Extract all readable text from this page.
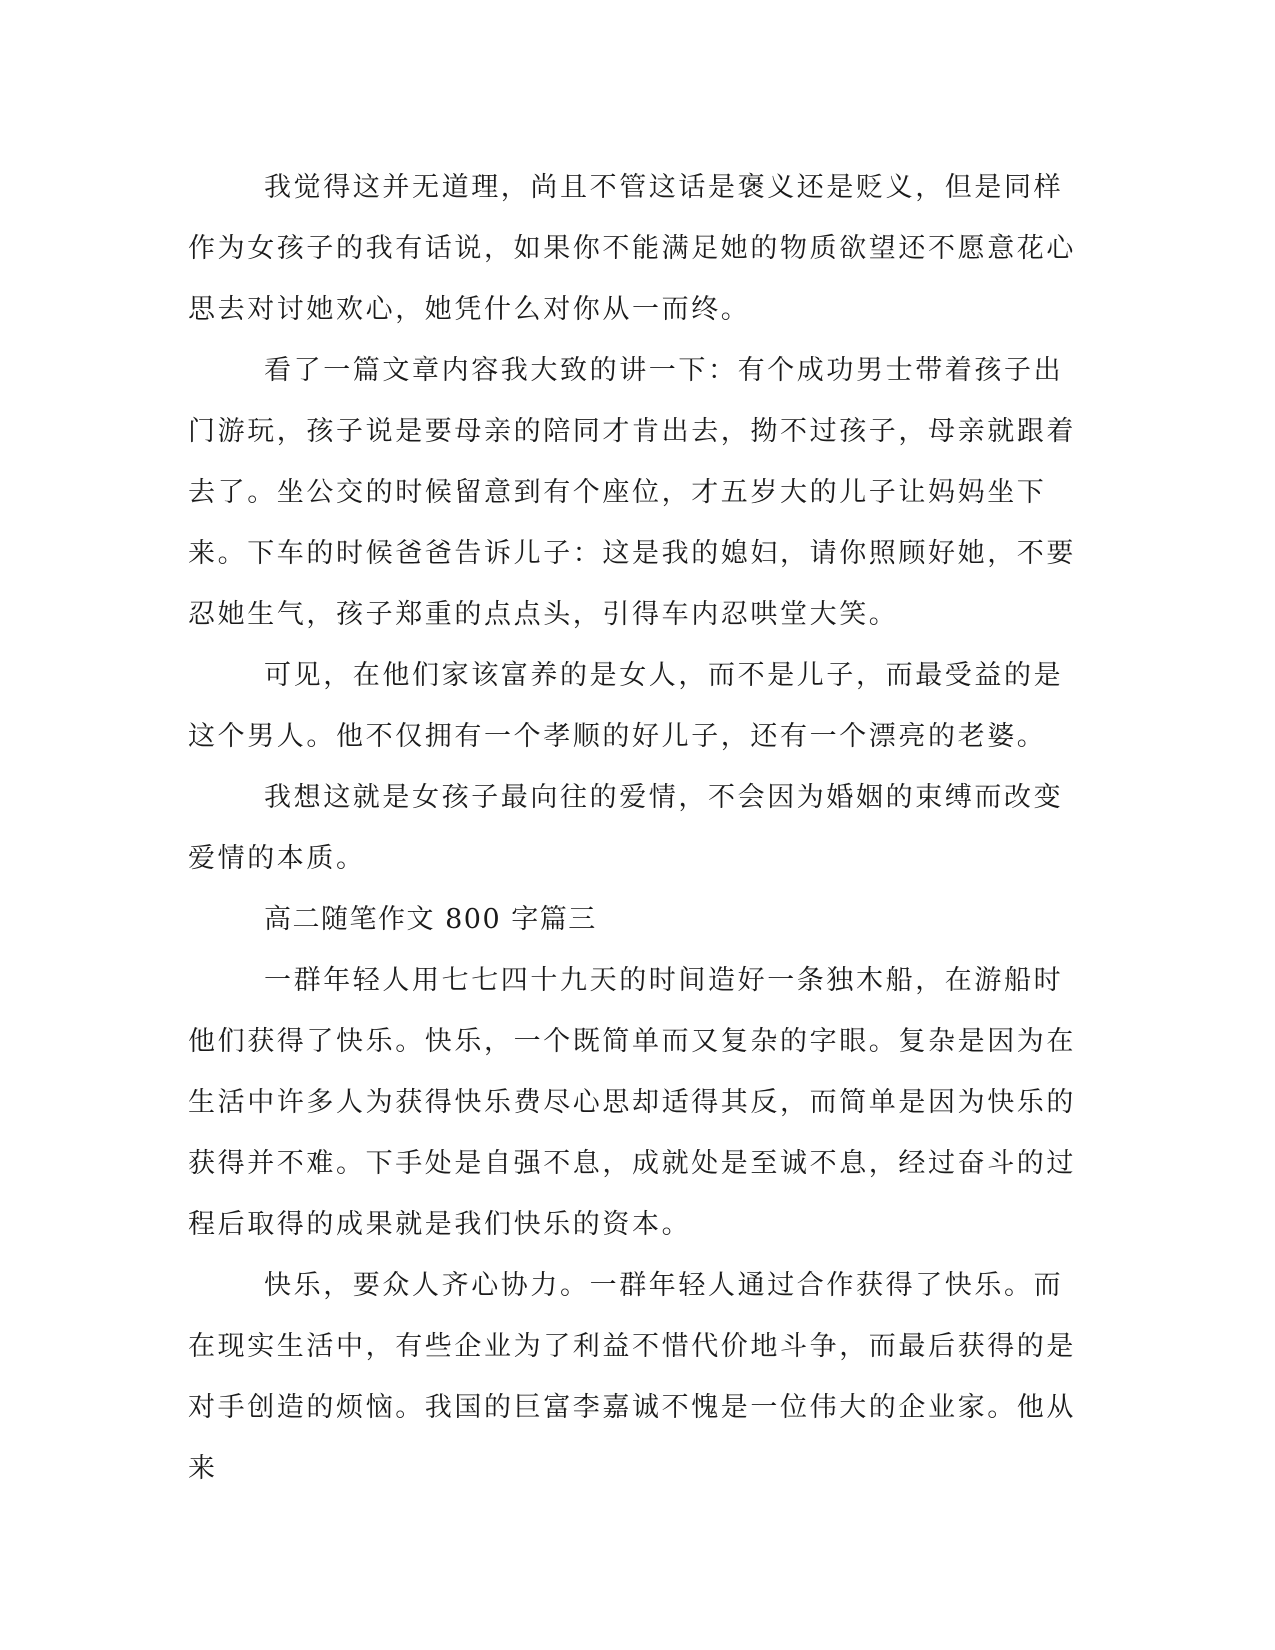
我觉得这并无道理，尚且不管这话是褒义还是贬义，但是同样作为女孩子的我有话说，如果你不能满足她的物质欲望还不愿意花心思去对讨她欢心，她凭什么对你从一而终。

看了一篇文章内容我大致的讲一下：有个成功男士带着孩子出门游玩，孩子说是要母亲的陪同才肯出去，拗不过孩子，母亲就跟着去了。坐公交的时候留意到有个座位，才五岁大的儿子让妈妈坐下来。下车的时候爸爸告诉儿子：这是我的媳妇，请你照顾好她，不要忍她生气，孩子郑重的点点头，引得车内忍哄堂大笑。

可见，在他们家该富养的是女人，而不是儿子，而最受益的是这个男人。他不仅拥有一个孝顺的好儿子，还有一个漂亮的老婆。

我想这就是女孩子最向往的爱情，不会因为婚姻的束缚而改变爱情的本质。

高二随笔作文 800 字篇三

一群年轻人用七七四十九天的时间造好一条独木船，在游船时他们获得了快乐。快乐，一个既简单而又复杂的字眼。复杂是因为在生活中许多人为获得快乐费尽心思却适得其反，而简单是因为快乐的获得并不难。下手处是自强不息，成就处是至诚不息，经过奋斗的过程后取得的成果就是我们快乐的资本。

快乐，要众人齐心协力。一群年轻人通过合作获得了快乐。而在现实生活中，有些企业为了利益不惜代价地斗争，而最后获得的是对手创造的烦恼。我国的巨富李嘉诚不愧是一位伟大的企业家。他从来
